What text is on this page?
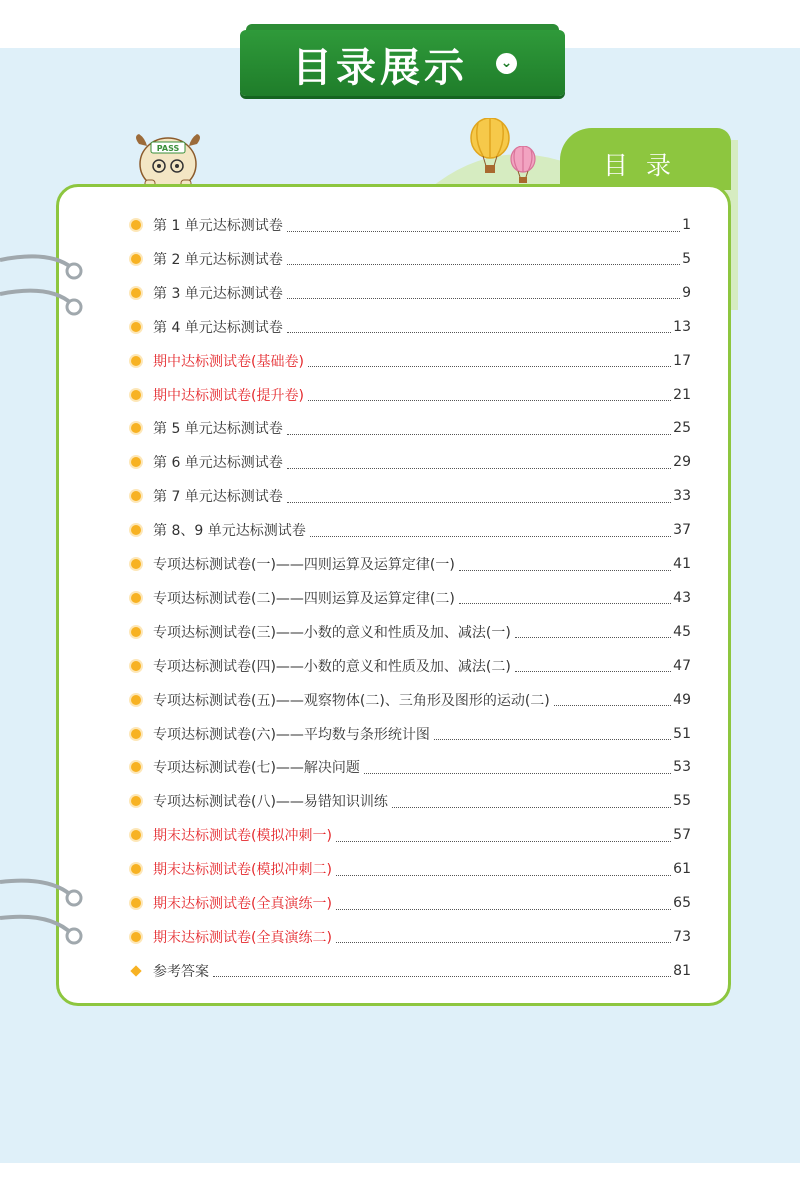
目录展示	⌄
目录
PASS
第 1 单元达标测试卷	1
第 2 单元达标测试卷	5
第 3 单元达标测试卷	9
第 4 单元达标测试卷	13
期中达标测试卷(基础卷)	17
期中达标测试卷(提升卷)	21
第 5 单元达标测试卷	25
第 6 单元达标测试卷	29
第 7 单元达标测试卷	33
第 8、9 单元达标测试卷	37
专项达标测试卷(一)——四则运算及运算定律(一)	41
专项达标测试卷(二)——四则运算及运算定律(二)	43
专项达标测试卷(三)——小数的意义和性质及加、减法(一)	45
专项达标测试卷(四)——小数的意义和性质及加、减法(二)	47
专项达标测试卷(五)——观察物体(二)、三角形及图形的运动(二)	49
专项达标测试卷(六)——平均数与条形统计图	51
专项达标测试卷(七)——解决问题	53
专项达标测试卷(八)——易错知识训练	55
期末达标测试卷(模拟冲刺一)	57
期末达标测试卷(模拟冲刺二)	61
期末达标测试卷(全真演练一)	65
期末达标测试卷(全真演练二)	73
参考答案	81
